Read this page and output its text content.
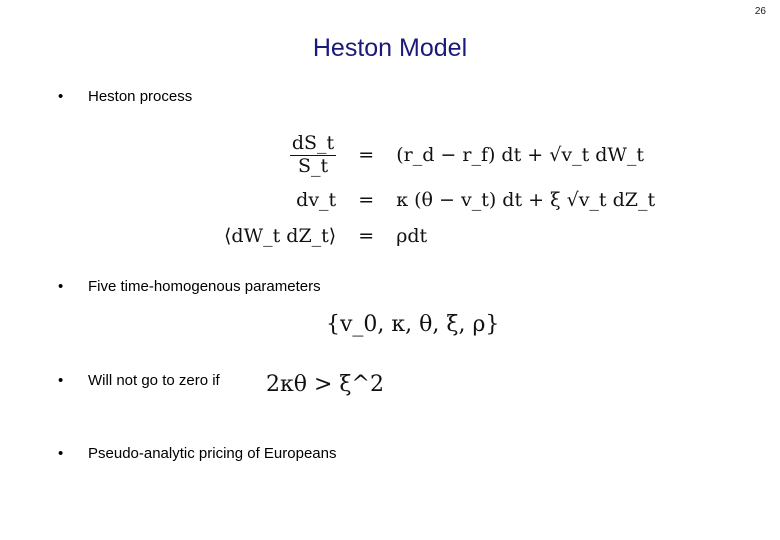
26
Heston Model
• Heston process
$\frac{dS\_t}{S\_t}$	=	(r_d − r_f) dt + √v_t dW_t
dv_t	=	κ (θ − v_t) dt + ξ √v_t dZ_t
⟨dW_t dZ_t⟩	=	ρdt
• Five time-homogenous parameters
{v_0, κ, θ, ξ, ρ}
• Will not go to zero if 2κθ > ξ^2
• Pseudo-analytic pricing of Europeans
